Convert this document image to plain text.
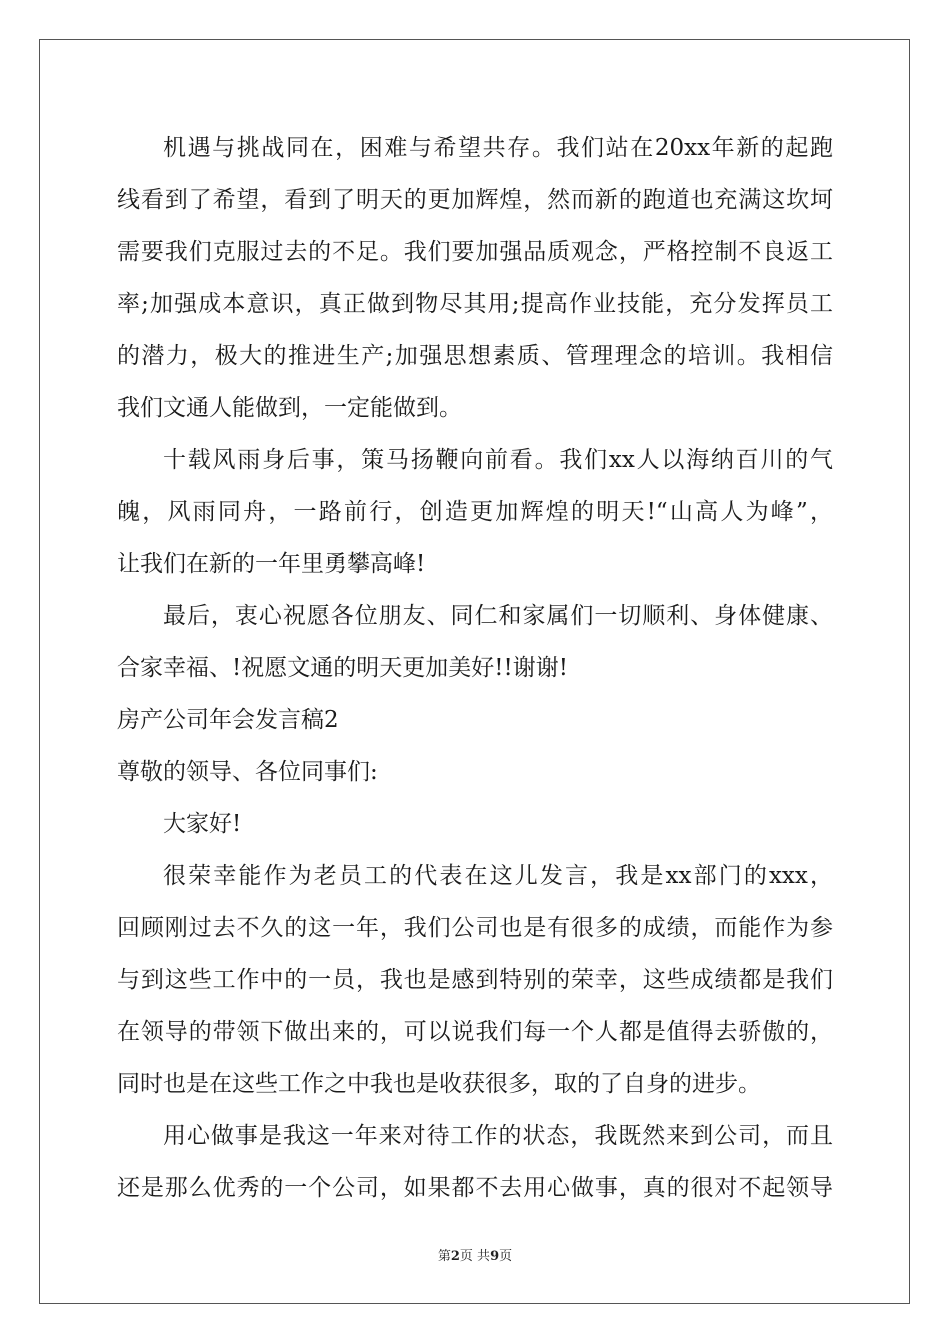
机遇与挑战同在，困难与希望共存。我们站在20xx年新的起跑
线看到了希望，看到了明天的更加辉煌，然而新的跑道也充满这坎坷
需要我们克服过去的不足。我们要加强品质观念，严格控制不良返工
率;加强成本意识，真正做到物尽其用;提高作业技能，充分发挥员工
的潜力，极大的推进生产;加强思想素质、管理理念的培训。我相信
我们文通人能做到，一定能做到。
十载风雨身后事，策马扬鞭向前看。我们xx人以海纳百川的气
魄，风雨同舟，一路前行，创造更加辉煌的明天!“山高人为峰”，
让我们在新的一年里勇攀高峰!
最后，衷心祝愿各位朋友、同仁和家属们一切顺利、身体健康、
合家幸福、!祝愿文通的明天更加美好!!谢谢!
房产公司年会发言稿2
尊敬的领导、各位同事们:
大家好!
很荣幸能作为老员工的代表在这儿发言，我是xx部门的xxx，
回顾刚过去不久的这一年，我们公司也是有很多的成绩，而能作为参
与到这些工作中的一员，我也是感到特别的荣幸，这些成绩都是我们
在领导的带领下做出来的，可以说我们每一个人都是值得去骄傲的，
同时也是在这些工作之中我也是收获很多，取的了自身的进步。
用心做事是我这一年来对待工作的状态，我既然来到公司，而且
还是那么优秀的一个公司，如果都不去用心做事，真的很对不起领导
第2页 共9页
